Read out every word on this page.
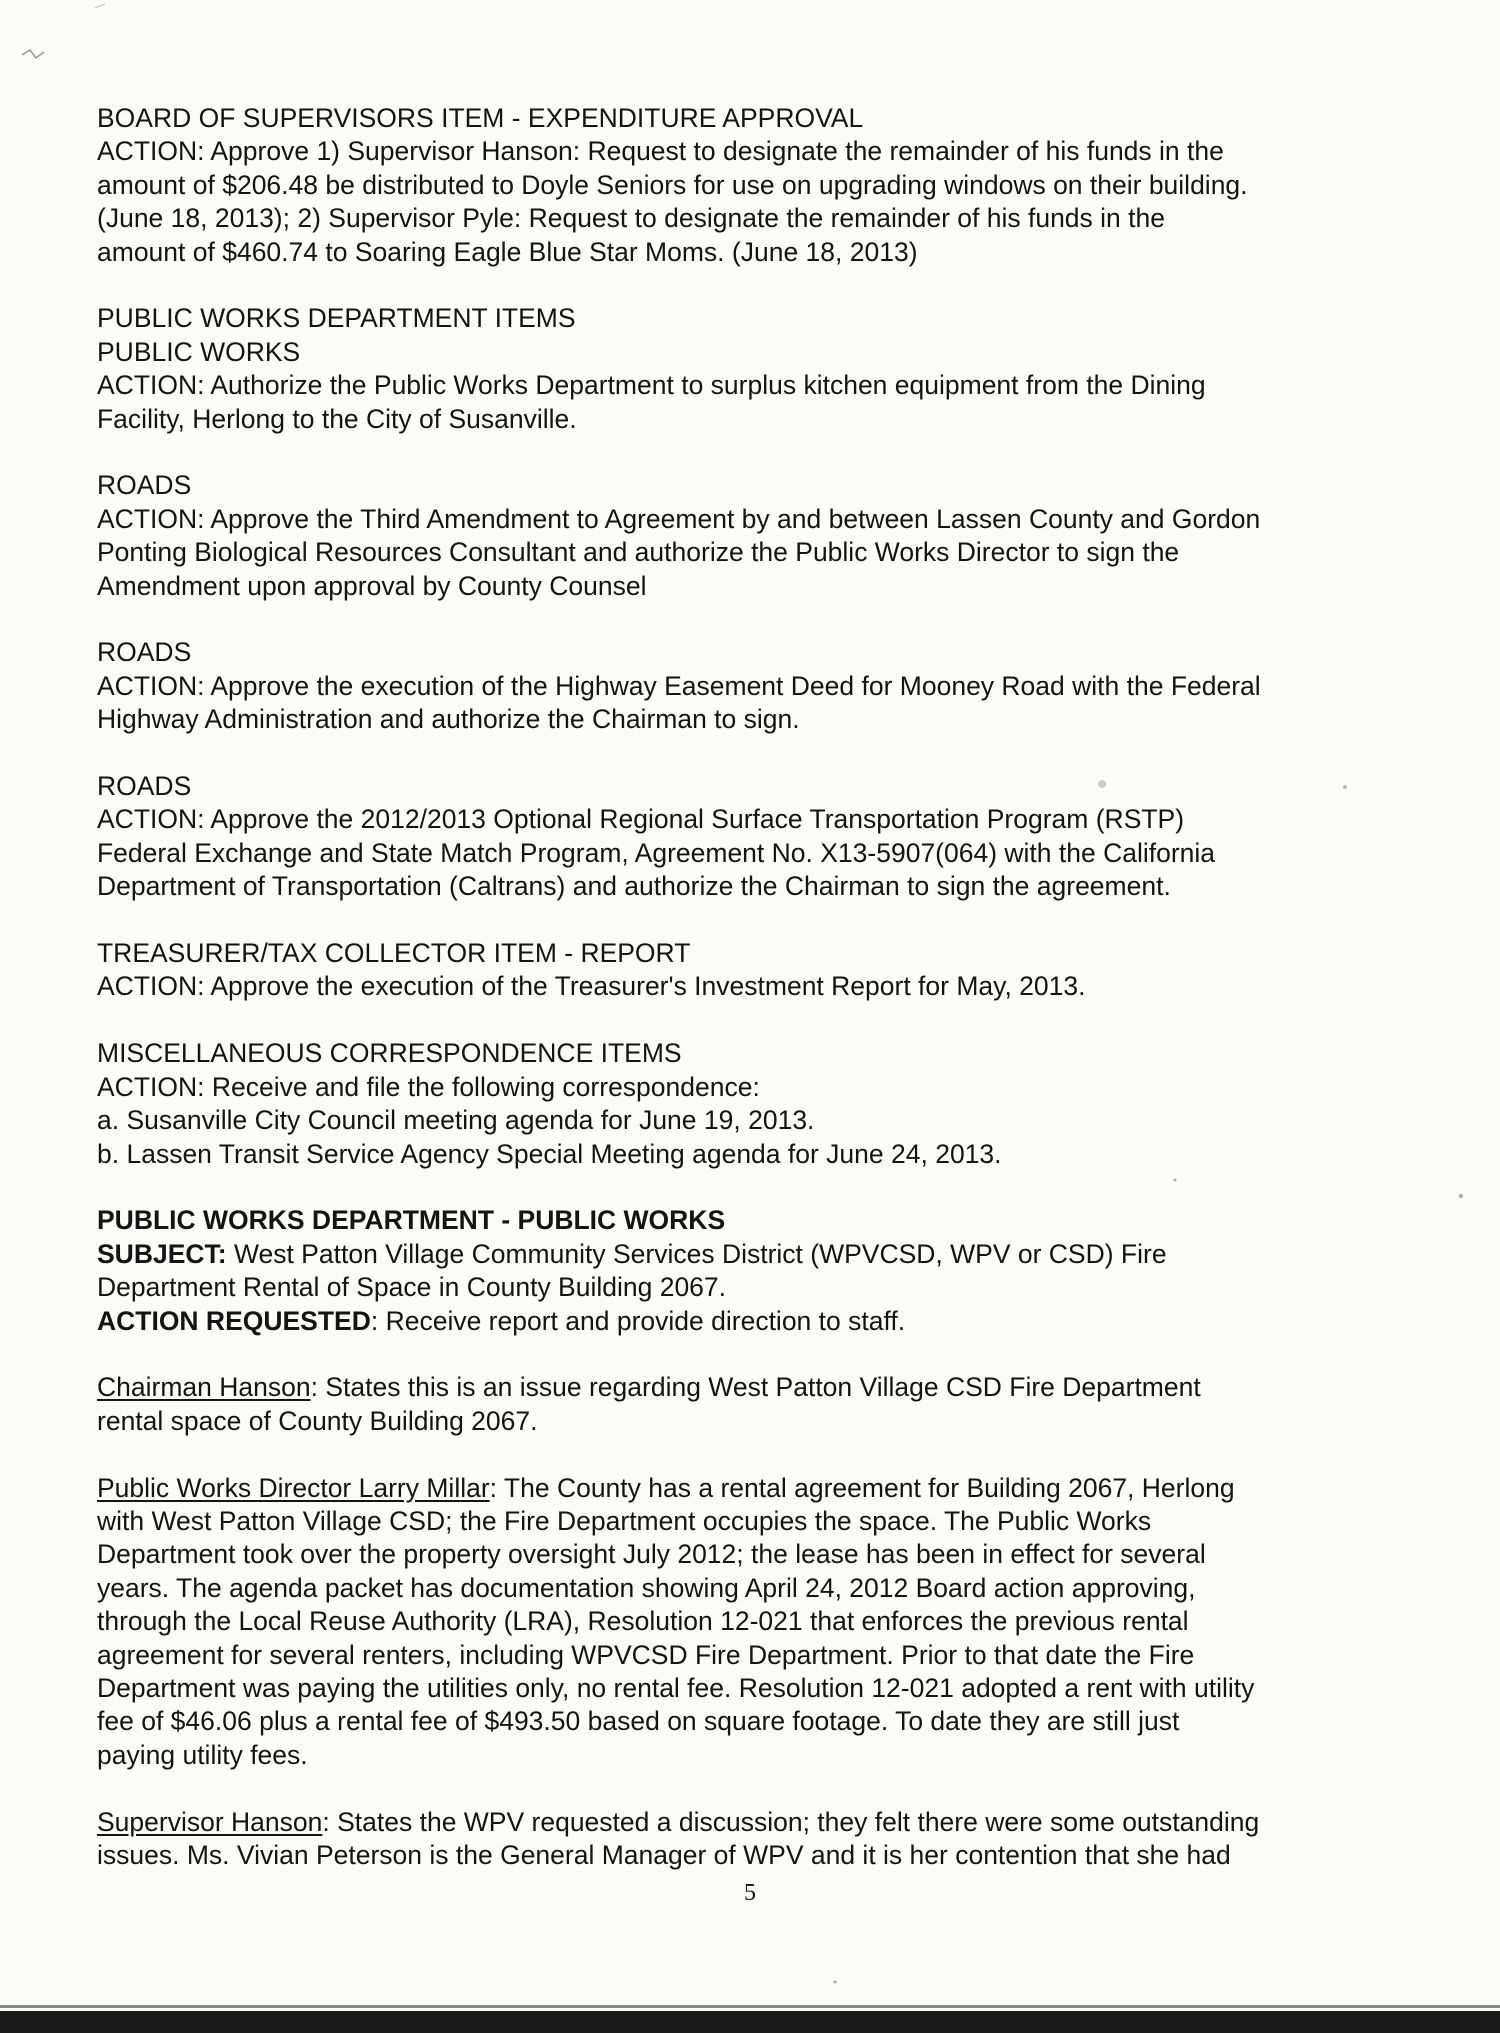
BOARD OF SUPERVISORS ITEM - EXPENDITURE APPROVAL

ACTION: Approve 1) Supervisor Hanson: Request to designate the remainder of his funds in the

amount of $206.48 be distributed to Doyle Seniors for use on upgrading windows on their building.

(June 18, 2013); 2) Supervisor Pyle: Request to designate the remainder of his funds in the

amount of $460.74 to Soaring Eagle Blue Star Moms. (June 18, 2013)

PUBLIC WORKS DEPARTMENT ITEMS

PUBLIC WORKS

ACTION: Authorize the Public Works Department to surplus kitchen equipment from the Dining

Facility, Herlong to the City of Susanville.

ROADS

ACTION: Approve the Third Amendment to Agreement by and between Lassen County and Gordon

Ponting Biological Resources Consultant and authorize the Public Works Director to sign the

Amendment upon approval by County Counsel

ROADS

ACTION: Approve the execution of the Highway Easement Deed for Mooney Road with the Federal

Highway Administration and authorize the Chairman to sign.

ROADS

ACTION: Approve the 2012/2013 Optional Regional Surface Transportation Program (RSTP)

Federal Exchange and State Match Program, Agreement No. X13-5907(064) with the California

Department of Transportation (Caltrans) and authorize the Chairman to sign the agreement.

TREASURER/TAX COLLECTOR ITEM - REPORT

ACTION: Approve the execution of the Treasurer's Investment Report for May, 2013.

MISCELLANEOUS CORRESPONDENCE ITEMS

ACTION: Receive and file the following correspondence:

a. Susanville City Council meeting agenda for June 19, 2013.

b. Lassen Transit Service Agency Special Meeting agenda for June 24, 2013.

PUBLIC WORKS DEPARTMENT - PUBLIC WORKS

SUBJECT: West Patton Village Community Services District (WPVCSD, WPV or CSD) Fire

Department Rental of Space in County Building 2067.

ACTION REQUESTED: Receive report and provide direction to staff.

Chairman Hanson: States this is an issue regarding West Patton Village CSD Fire Department

rental space of County Building 2067.

Public Works Director Larry Millar: The County has a rental agreement for Building 2067, Herlong

with West Patton Village CSD; the Fire Department occupies the space. The Public Works

Department took over the property oversight July 2012; the lease has been in effect for several

years. The agenda packet has documentation showing April 24, 2012 Board action approving,

through the Local Reuse Authority (LRA), Resolution 12-021 that enforces the previous rental

agreement for several renters, including WPVCSD Fire Department. Prior to that date the Fire

Department was paying the utilities only, no rental fee. Resolution 12-021 adopted a rent with utility

fee of $46.06 plus a rental fee of $493.50 based on square footage. To date they are still just

paying utility fees.

Supervisor Hanson: States the WPV requested a discussion; they felt there were some outstanding

issues. Ms. Vivian Peterson is the General Manager of WPV and it is her contention that she had

5
